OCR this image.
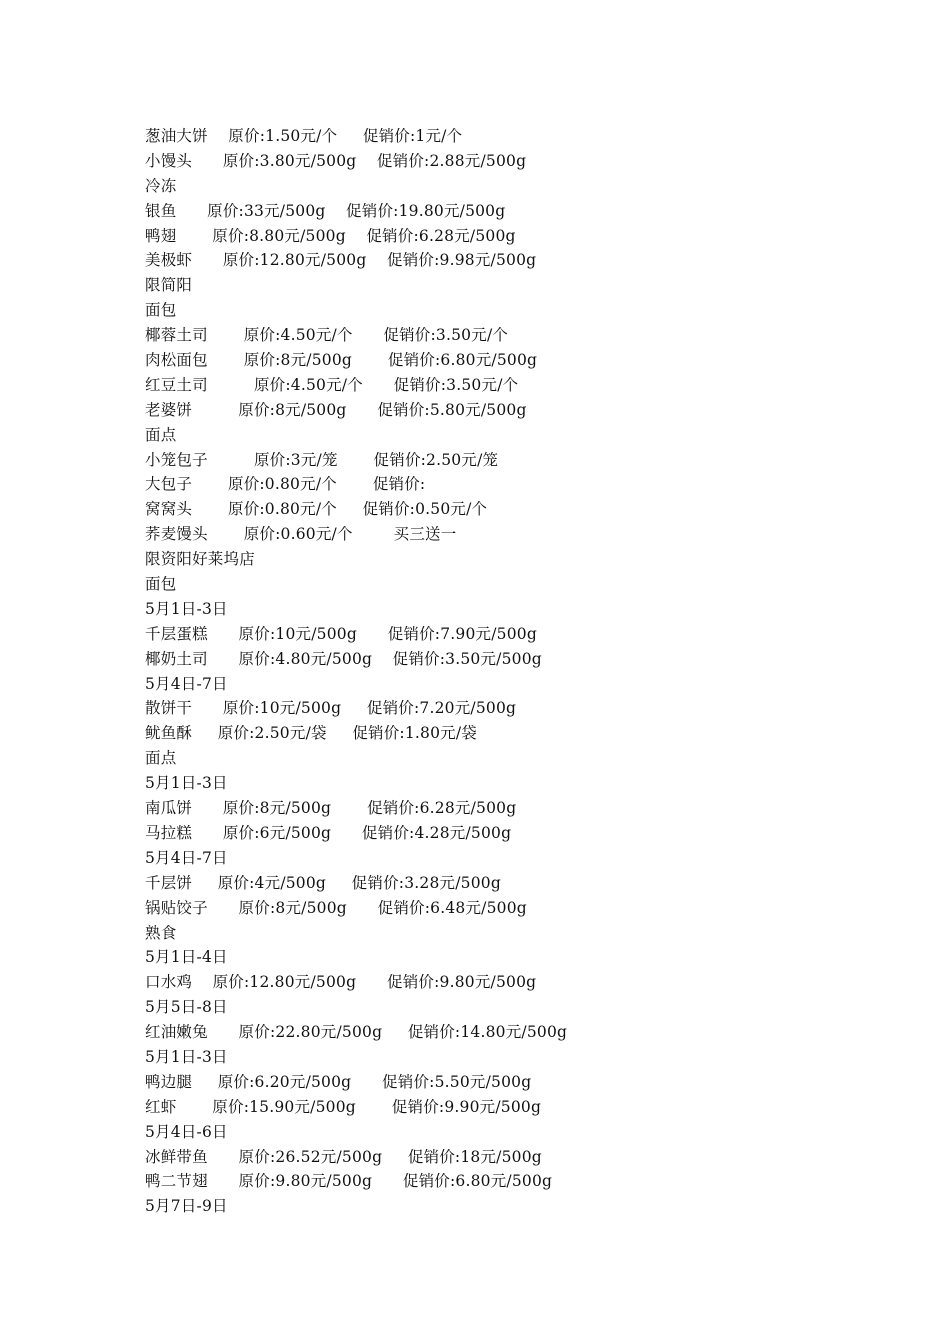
葱油大饼    原价:1.50元/个     促销价:1元/个
小馒头      原价:3.80元/500g    促销价:2.88元/500g
冷冻
银鱼      原价:33元/500g    促销价:19.80元/500g
鸭翅       原价:8.80元/500g    促销价:6.28元/500g
美极虾      原价:12.80元/500g    促销价:9.98元/500g
限简阳
面包
椰蓉土司       原价:4.50元/个      促销价:3.50元/个
肉松面包       原价:8元/500g       促销价:6.80元/500g
红豆土司         原价:4.50元/个      促销价:3.50元/个
老婆饼         原价:8元/500g      促销价:5.80元/500g
面点
小笼包子         原价:3元/笼       促销价:2.50元/笼
大包子       原价:0.80元/个       促销价:
窝窝头       原价:0.80元/个     促销价:0.50元/个
荞麦馒头       原价:0.60元/个        买三送一
限资阳好莱坞店
面包
5月1日-3日
千层蛋糕      原价:10元/500g      促销价:7.90元/500g
椰奶土司      原价:4.80元/500g    促销价:3.50元/500g
5月4日-7日
散饼干      原价:10元/500g     促销价:7.20元/500g
鱿鱼酥     原价:2.50元/袋     促销价:1.80元/袋
面点
5月1日-3日
南瓜饼      原价:8元/500g       促销价:6.28元/500g
马拉糕      原价:6元/500g      促销价:4.28元/500g
5月4日-7日
千层饼     原价:4元/500g     促销价:3.28元/500g
锅贴饺子      原价:8元/500g      促销价:6.48元/500g
熟食
5月1日-4日
口水鸡    原价:12.80元/500g      促销价:9.80元/500g
5月5日-8日
红油嫩兔      原价:22.80元/500g     促销价:14.80元/500g
5月1日-3日
鸭边腿     原价:6.20元/500g      促销价:5.50元/500g
红虾       原价:15.90元/500g       促销价:9.90元/500g
5月4日-6日
冰鲜带鱼      原价:26.52元/500g     促销价:18元/500g
鸭二节翅      原价:9.80元/500g      促销价:6.80元/500g
5月7日-9日
